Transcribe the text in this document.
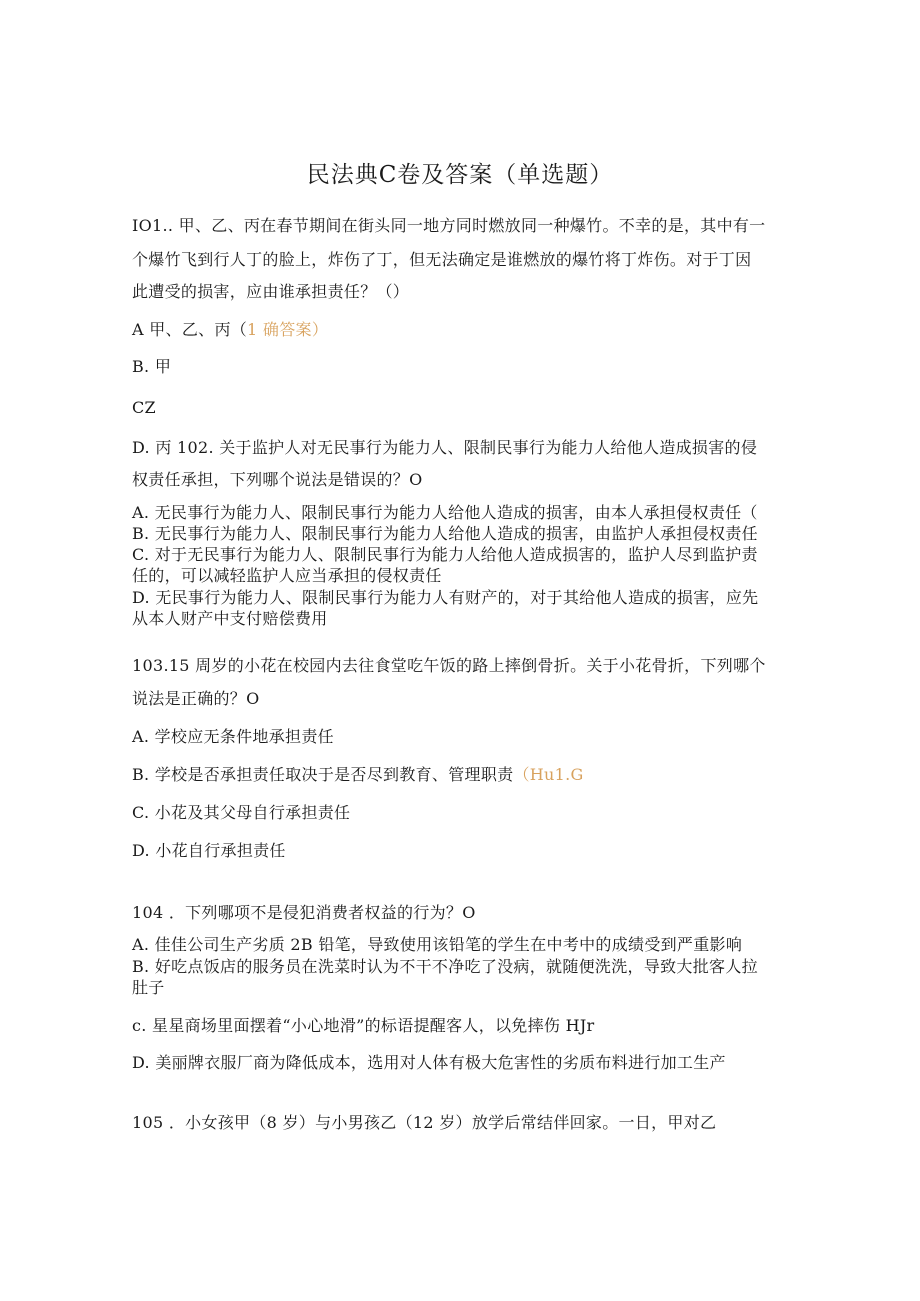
民法典C卷及答案（单选题）
IO1.. 甲、乙、丙在春节期间在街头同一地方同时燃放同一种爆竹。不幸的是，其中有一
个爆竹飞到行人丁的脸上，炸伤了丁，但无法确定是谁燃放的爆竹将丁炸伤。对于丁因
此遭受的损害，应由谁承担责任？（）
A 甲、乙、丙（1 确答案）
B. 甲
CZ
D. 丙 102. 关于监护人对无民事行为能力人、限制民事行为能力人给他人造成损害的侵
权责任承担，下列哪个说法是错误的？O
A. 无民事行为能力人、限制民事行为能力人给他人造成的损害，由本人承担侵权责任（
B. 无民事行为能力人、限制民事行为能力人给他人造成的损害，由监护人承担侵权责任
C. 对于无民事行为能力人、限制民事行为能力人给他人造成损害的，监护人尽到监护责
任的，可以减轻监护人应当承担的侵权责任
D. 无民事行为能力人、限制民事行为能力人有财产的，对于其给他人造成的损害，应先
从本人财产中支付赔偿费用
103.15 周岁的小花在校园内去往食堂吃午饭的路上摔倒骨折。关于小花骨折，下列哪个
说法是正确的？O
A. 学校应无条件地承担责任
B. 学校是否承担责任取决于是否尽到教育、管理职责（Hu1.G
C. 小花及其父母自行承担责任
D. 小花自行承担责任
104 ．下列哪项不是侵犯消费者权益的行为？O
A. 佳佳公司生产劣质 2B 铅笔，导致使用该铅笔的学生在中考中的成绩受到严重影响
B. 好吃点饭店的服务员在洗菜时认为不干不净吃了没病，就随便洗洗，导致大批客人拉
肚子
c. 星星商场里面摆着“小心地滑”的标语提醒客人，以免摔伤 HJr
D. 美丽牌衣服厂商为降低成本，选用对人体有极大危害性的劣质布料进行加工生产
105 ．小女孩甲（8 岁）与小男孩乙（12 岁）放学后常结伴回家。一日，甲对乙
